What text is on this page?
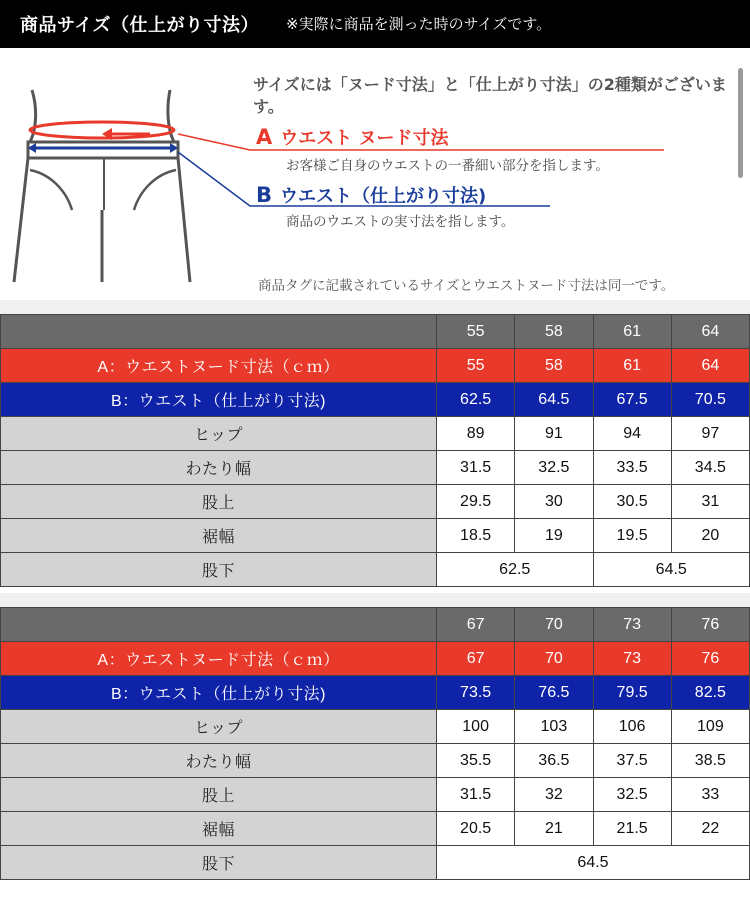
商品サイズ（仕上がり寸法） ※実際に商品を測った時のサイズです。
サイズには「ヌード寸法」と「仕上がり寸法」の2種類がございます。
A ウエスト ヌード寸法
お客様ご自身のウエストの一番細い部分を指します。
B ウエスト（仕上がり寸法)
商品のウエストの実寸法を指します。
商品タグに記載されているサイズとウエストヌード寸法は同一です。
	55	58	61	64
A：ウエストヌード寸法（ｃｍ）	55	58	61	64
B：ウエスト（仕上がり寸法)	62.5	64.5	67.5	70.5
ヒップ	89	91	94	97
わたり幅	31.5	32.5	33.5	34.5
股上	29.5	30	30.5	31
裾幅	18.5	19	19.5	20
股下	62.5		64.5	
	67	70	73	76
A：ウエストヌード寸法（ｃｍ）	67	70	73	76
B：ウエスト（仕上がり寸法)	73.5	76.5	79.5	82.5
ヒップ	100	103	106	109
わたり幅	35.5	36.5	37.5	38.5
股上	31.5	32	32.5	33
裾幅	20.5	21	21.5	22
股下	64.5			
